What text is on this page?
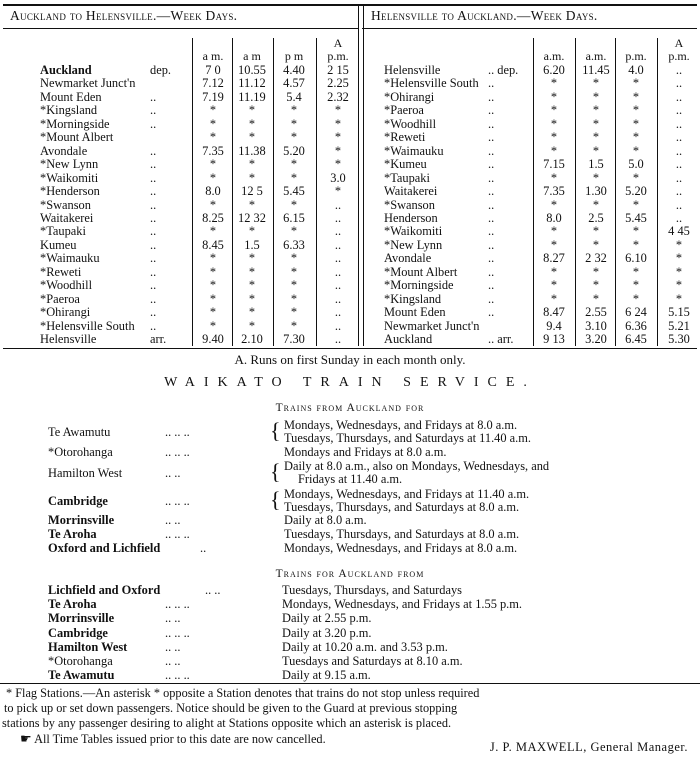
Auckland to Helensville.—Week Days.	Helensville to Auckland.—Week Days.
A
a m.	a m	p m	p.m.
Auckland	dep.	7 0	10.55	4.40	2 15
Newmarket Junct'n	7.12	11.12	4.57	2.25
Mount Eden	..	7.19	11.19	5.4	2.32
*Kingsland	..	*	*	*	*
*Morningside	..	*	*	*	*
*Mount Albert	*	*	*	*
Avondale	..	7.35	11.38	5.20	*
*New Lynn	..	*	*	*	*
*Waikomiti	..	*	*	*	3.0
*Henderson	..	8.0	12 5	5.45	*
*Swanson	..	*	*	*	..
Waitakerei	..	8.25	12 32	6.15	..
*Taupaki	..	*	*	*	..
Kumeu	..	8.45	1.5	6.33	..
*Waimauku	..	*	*	*	..
*Reweti	..	*	*	*	..
*Woodhill	..	*	*	*	..
*Paeroa	..	*	*	*	..
*Ohirangi	..	*	*	*	..
*Helensville South ..	*	*	*	..
Helensville	arr.	9.40	2.10	7.30	..
A
a.m.	a.m.	p.m.	p.m.
Helensville	.. dep.	6.20	11.45	4.0	..
*Helensville South ..	*	*	*	..
*Ohirangi	..	*	*	*	..
*Paeroa	..	*	*	*	..
*Woodhill	..	*	*	*	..
*Reweti	..	*	*	*	..
*Waimauku	..	*	*	*	..
*Kumeu	..	7.15	1.5	5.0	..
*Taupaki	..	*	*	*	..
Waitakerei	..	7.35	1.30	5.20	..
*Swanson	..	*	*	*	..
Henderson	..	8.0	2.5	5.45	..
*Waikomiti	..	*	*	*	4 45
*New Lynn	..	*	*	*	*
Avondale	..	8.27	2 32	6.10	*
*Mount Albert ..	*	*	*	*
*Morningside	..	*	*	*	*
*Kingsland	..	*	*	*	*
Mount Eden	..	8.47	2.55	6 24	5.15
Newmarket Junct'n	9.4	3.10	6.36	5.21
Auckland	.. arr.	9 13	3.20	6.45	5.30
A. Runs on first Sunday in each month only.
WAIKATO TRAIN SERVICE.
Trains from Auckland for
Te Awamutu	.. .. ..	{ Mondays, Wednesdays, and Fridays at 8.0 a.m.
Tuesdays, Thursdays, and Saturdays at 11.40 a.m.
*Otorohanga	.. .. ..	Mondays and Fridays at 8.0 a.m.
Hamilton West	.. ..	{ Daily at 8.0 a.m., also on Mondays, Wednesdays, and
Fridays at 11.40 a.m.
Cambridge	.. .. ..	{ Mondays, Wednesdays, and Fridays at 11.40 a.m.
Tuesdays, Thursdays, and Saturdays at 8.0 a.m.
Morrinsville	.. ..	Daily at 8.0 a.m.
Te Aroha	.. .. ..	Tuesdays, Thursdays, and Saturdays at 8.0 a.m.
Oxford and Lichfield	..	Mondays, Wednesdays, and Fridays at 8.0 a.m.
Trains for Auckland from
Lichfield and Oxford	.. ..	Tuesdays, Thursdays, and Saturdays
Te Aroha	.. .. ..	Mondays, Wednesdays, and Fridays at 1.55 p.m.
Morrinsville	.. ..	Daily at 2.55 p.m.
Cambridge	.. .. ..	Daily at 3.20 p.m.
Hamilton West	.. ..	Daily at 10.20 a.m. and 3.53 p.m.
*Otorohanga	.. ..	Tuesdays and Saturdays at 8.10 a.m.
Te Awamutu	.. .. ..	Daily at 9.15 a.m.
* Flag Stations.—An asterisk * opposite a Station denotes that trains do not stop unless required
to pick up or set down passengers. Notice should be given to the Guard at previous stopping
stations by any passenger desiring to alight at Stations opposite which an asterisk is placed.
☛ All Time Tables issued prior to this date are now cancelled.
J. P. MAXWELL, General Manager.
